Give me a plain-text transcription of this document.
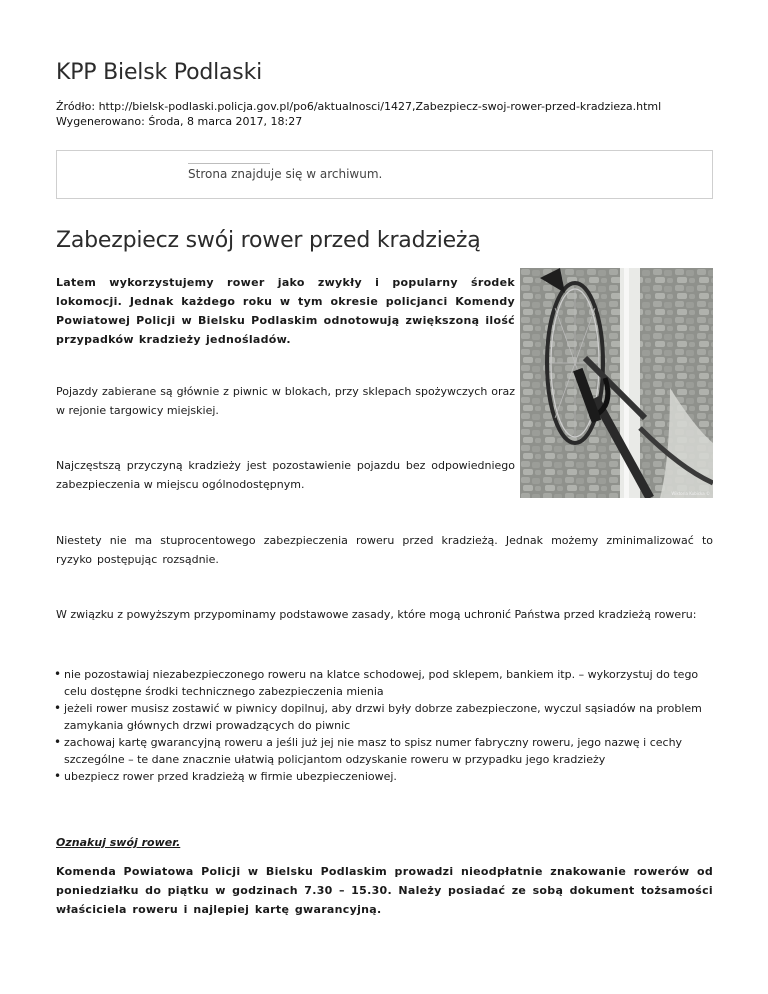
KPP Bielsk Podlaski
Źródło: http://bielsk-podlaski.policja.gov.pl/po6/aktualnosci/1427,Zabezpiecz-swoj-rower-przed-kradzieza.html
Wygenerowano: Środa, 8 marca 2017, 18:27
Strona znajduje się w archiwum.
Zabezpiecz swój rower przed kradzieżą

Latem wykorzystujemy rower jako zwykły i popularny środek lokomocji. Jednak każdego roku w tym okresie policjanci Komendy Powiatowej Policji w Bielsku Podlaskim odnotowują zwiększoną ilość przypadków kradzieży jednośladów.

Wiktoria Kubicka ©

Pojazdy zabierane są głównie z piwnic w blokach, przy sklepach spożywczych oraz w rejonie targowicy miejskiej.

Najczęstszą przyczyną kradzieży jest pozostawienie pojazdu bez odpowiedniego zabezpieczenia w miejscu ogólnodostępnym.

Niestety nie ma stuprocentowego zabezpieczenia roweru przed kradzieżą. Jednak możemy zminimalizować to ryzyko postępując rozsądnie.

W związku z powyższym przypominamy podstawowe zasady, które mogą uchronić Państwa przed kradzieżą roweru:

• nie pozostawiaj niezabezpieczonego roweru na klatce schodowej, pod sklepem, bankiem itp. – wykorzystuj do tego celu dostępne środki technicznego zabezpieczenia mienia
• jeżeli rower musisz zostawić w piwnicy dopilnuj, aby drzwi były dobrze zabezpieczone, wyczul sąsiadów na problem zamykania głównych drzwi prowadzących do piwnic
• zachowaj kartę gwarancyjną roweru a jeśli już jej nie masz to spisz numer fabryczny roweru, jego nazwę i cechy szczególne – te dane znacznie ułatwią policjantom odzyskanie roweru w przypadku jego kradzieży
• ubezpiecz rower przed kradzieżą w firmie ubezpieczeniowej.
Oznakuj swój rower.

Komenda Powiatowa Policji w Bielsku Podlaskim prowadzi nieodpłatnie znakowanie rowerów od poniedziałku do piątku w godzinach 7.30 – 15.30. Należy posiadać ze sobą dokument tożsamości właściciela roweru i najlepiej kartę gwarancyjną.
